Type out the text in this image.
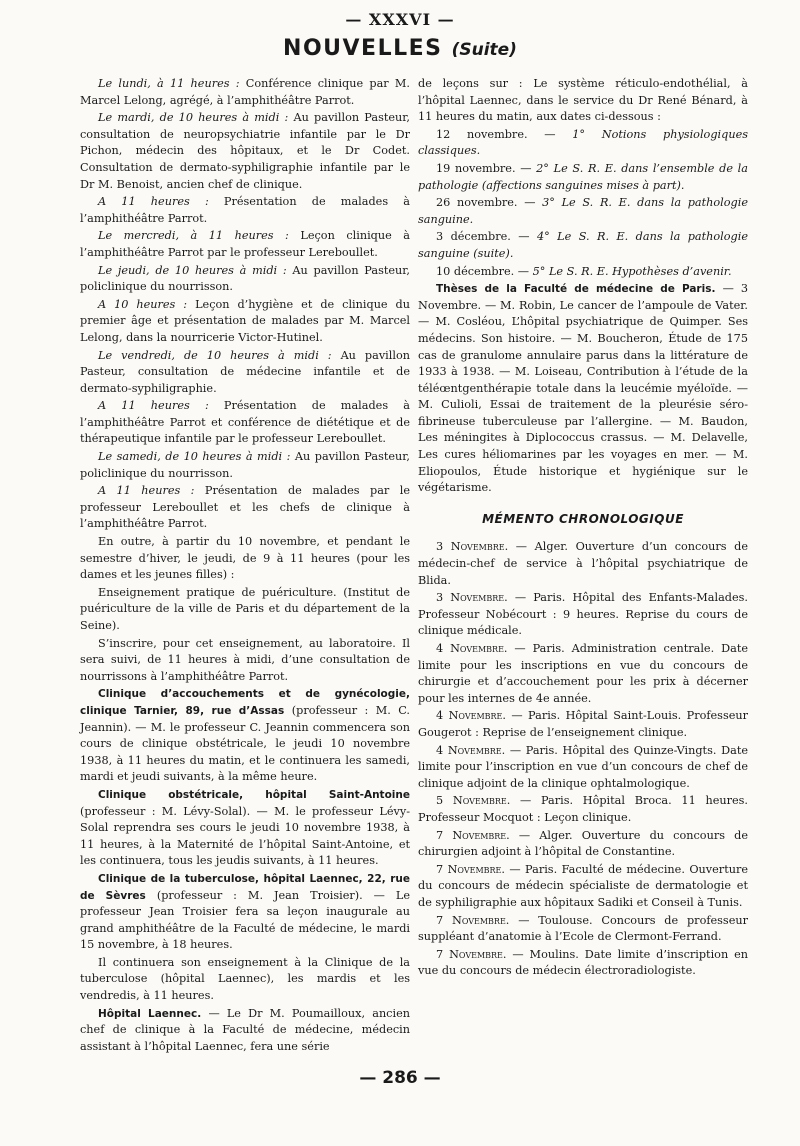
— XXXVI —
NOUVELLES (Suite)

Le lundi, à 11 heures : Conférence clinique par M. Marcel Lelong, agrégé, à l’amphithéâtre Parrot.

Le mardi, de 10 heures à midi : Au pavillon Pasteur, consultation de neuropsychiatrie infantile par le Dr Pichon, médecin des hôpitaux, et le Dr Codet. Consultation de dermato-syphiligraphie infantile par le Dr M. Benoist, ancien chef de clinique.

A 11 heures : Présentation de malades à l’amphithéâtre Parrot.

Le mercredi, à 11 heures : Leçon clinique à l’amphithéâtre Parrot par le professeur Lereboullet.

Le jeudi, de 10 heures à midi : Au pavillon Pasteur, policlinique du nourrisson.

A 10 heures : Leçon d’hygiène et de clinique du premier âge et présentation de malades par M. Marcel Lelong, dans la nourricerie Victor-Hutinel.

Le vendredi, de 10 heures à midi : Au pavillon Pasteur, consultation de médecine infantile et de dermato-syphiligraphie.

A 11 heures : Présentation de malades à l’amphithéâtre Parrot et conférence de diététique et de thérapeutique infantile par le professeur Lereboullet.

Le samedi, de 10 heures à midi : Au pavillon Pasteur, policlinique du nourrisson.

A 11 heures : Présentation de malades par le professeur Lereboullet et les chefs de clinique à l’amphithéâtre Parrot.

En outre, à partir du 10 novembre, et pendant le semestre d’hiver, le jeudi, de 9 à 11 heures (pour les dames et les jeunes filles) :

Enseignement pratique de puériculture. (Institut de puériculture de la ville de Paris et du département de la Seine).

S’inscrire, pour cet enseignement, au laboratoire. Il sera suivi, de 11 heures à midi, d’une consultation de nourrissons à l’amphithéâtre Parrot.

Clinique d’accouchements et de gynécologie, clinique Tarnier, 89, rue d’Assas (professeur : M. C. Jeannin). — M. le professeur C. Jeannin commencera son cours de clinique obstétricale, le jeudi 10 novembre 1938, à 11 heures du matin, et le continuera les samedi, mardi et jeudi suivants, à la même heure.

Clinique obstétricale, hôpital Saint-Antoine (professeur : M. Lévy-Solal). — M. le professeur Lévy-Solal reprendra ses cours le jeudi 10 novembre 1938, à 11 heures, à la Maternité de l’hôpital Saint-Antoine, et les continuera, tous les jeudis suivants, à 11 heures.

Clinique de la tuberculose, hôpital Laennec, 22, rue de Sèvres (professeur : M. Jean Troisier). — Le professeur Jean Troisier fera sa leçon inaugurale au grand amphithéâtre de la Faculté de médecine, le mardi 15 novembre, à 18 heures.

Il continuera son enseignement à la Clinique de la tuberculose (hôpital Laennec), les mardis et les vendredis, à 11 heures.

Hôpital Laennec. — Le Dr M. Poumailloux, ancien chef de clinique à la Faculté de médecine, médecin assistant à l’hôpital Laennec, fera une série

de leçons sur : Le système réticulo-endothélial, à l’hôpital Laennec, dans le service du Dr René Bénard, à 11 heures du matin, aux dates ci-dessous :

12 novembre. — 1° Notions physiologiques classiques.

19 novembre. — 2° Le S. R. E. dans l’ensemble de la pathologie (affections sanguines mises à part).

26 novembre. — 3° Le S. R. E. dans la pathologie sanguine.

3 décembre. — 4° Le S. R. E. dans la pathologie sanguine (suite).

10 décembre. — 5° Le S. R. E. Hypothèses d’avenir.

Thèses de la Faculté de médecine de Paris. — 3 Novembre. — M. Robin, Le cancer de l’ampoule de Vater. — M. Cosléou, L’hôpital psychiatrique de Quimper. Ses médecins. Son histoire. — M. Boucheron, Étude de 175 cas de granulome annulaire parus dans la littérature de 1933 à 1938. — M. Loiseau, Contribution à l’étude de la téléœntgenthérapie totale dans la leucémie myéloïde. — M. Culioli, Essai de traitement de la pleurésie séro-fibrineuse tuberculeuse par l’allergine. — M. Baudon, Les méningites à Diplococcus crassus. — M. Delavelle, Les cures héliomarines par les voyages en mer. — M. Eliopoulos, Étude historique et hygiénique sur le végétarisme.

MÉMENTO CHRONOLOGIQUE

3 Novembre. — Alger. Ouverture d’un concours de médecin-chef de service à l’hôpital psychiatrique de Blida.

3 Novembre. — Paris. Hôpital des Enfants-Malades. Professeur Nobécourt : 9 heures. Reprise du cours de clinique médicale.

4 Novembre. — Paris. Administration centrale. Date limite pour les inscriptions en vue du concours de chirurgie et d’accouchement pour les prix à décerner pour les internes de 4e année.

4 Novembre. — Paris. Hôpital Saint-Louis. Professeur Gougerot : Reprise de l’enseignement clinique.

4 Novembre. — Paris. Hôpital des Quinze-Vingts. Date limite pour l’inscription en vue d’un concours de chef de clinique adjoint de la clinique ophtalmologique.

5 Novembre. — Paris. Hôpital Broca. 11 heures. Professeur Mocquot : Leçon clinique.

7 Novembre. — Alger. Ouverture du concours de chirurgien adjoint à l’hôpital de Constantine.

7 Novembre. — Paris. Faculté de médecine. Ouverture du concours de médecin spécialiste de dermatologie et de syphiligraphie aux hôpitaux Sadiki et Conseil à Tunis.

7 Novembre. — Toulouse. Concours de professeur suppléant d’anatomie à l’Ecole de Clermont-Ferrand.

7 Novembre. — Moulins. Date limite d’inscription en vue du concours de médecin électroradiologiste.

— 286 —
